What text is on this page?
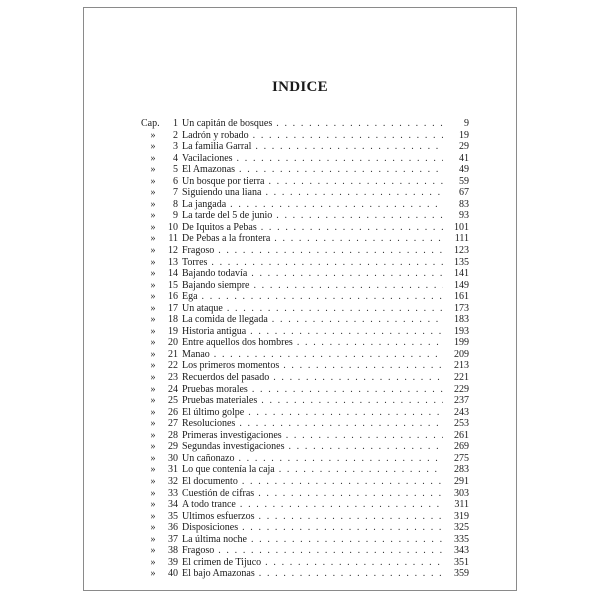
INDICE
Cap.	1 Un capitán de bosques . . .	9
»	2 Ladrón y robado . . .	19
»	3 La familia Garral . . .	29
»	4 Vacilaciones . . .	41
»	5 El Amazonas . . .	49
»	6 Un bosque por tierra . . .	59
»	7 Siguiendo una liana . . .	67
»	8 La jangada . . .	83
»	9 La tarde del 5 de junio . . .	93
»	10 De Iquitos a Pebas . . .	101
»	11 De Pebas a la frontera . . .	111
»	12 Fragoso . . .	123
»	13 Torres . . .	135
»	14 Bajando todavía . . .	141
»	15 Bajando siempre . . .	149
»	16 Ega . . .	161
»	17 Un ataque . . .	173
»	18 La comida de llegada . . .	183
»	19 Historia antigua . . .	193
»	20 Entre aquellos dos hombres . . .	199
»	21 Manao . . .	209
»	22 Los primeros momentos . . .	213
»	23 Recuerdos del pasado . . .	221
»	24 Pruebas morales . . .	229
»	25 Pruebas materiales . . .	237
»	26 El último golpe . . .	243
»	27 Resoluciones . . .	253
»	28 Primeras investigaciones . . .	261
»	29 Segundas investigaciones . . .	269
»	30 Un cañonazo . . .	275
»	31 Lo que contenía la caja . . .	283
»	32 El documento . . .	291
»	33 Cuestión de cifras . . .	303
»	34 A todo trance . . .	311
»	35 Ultimos esfuerzos . . .	319
»	36 Disposiciones . . .	325
»	37 La última noche . . .	335
»	38 Fragoso . . .	343
»	39 El crimen de Tijuco . . .	351
»	40 El bajo Amazonas . . .	359
